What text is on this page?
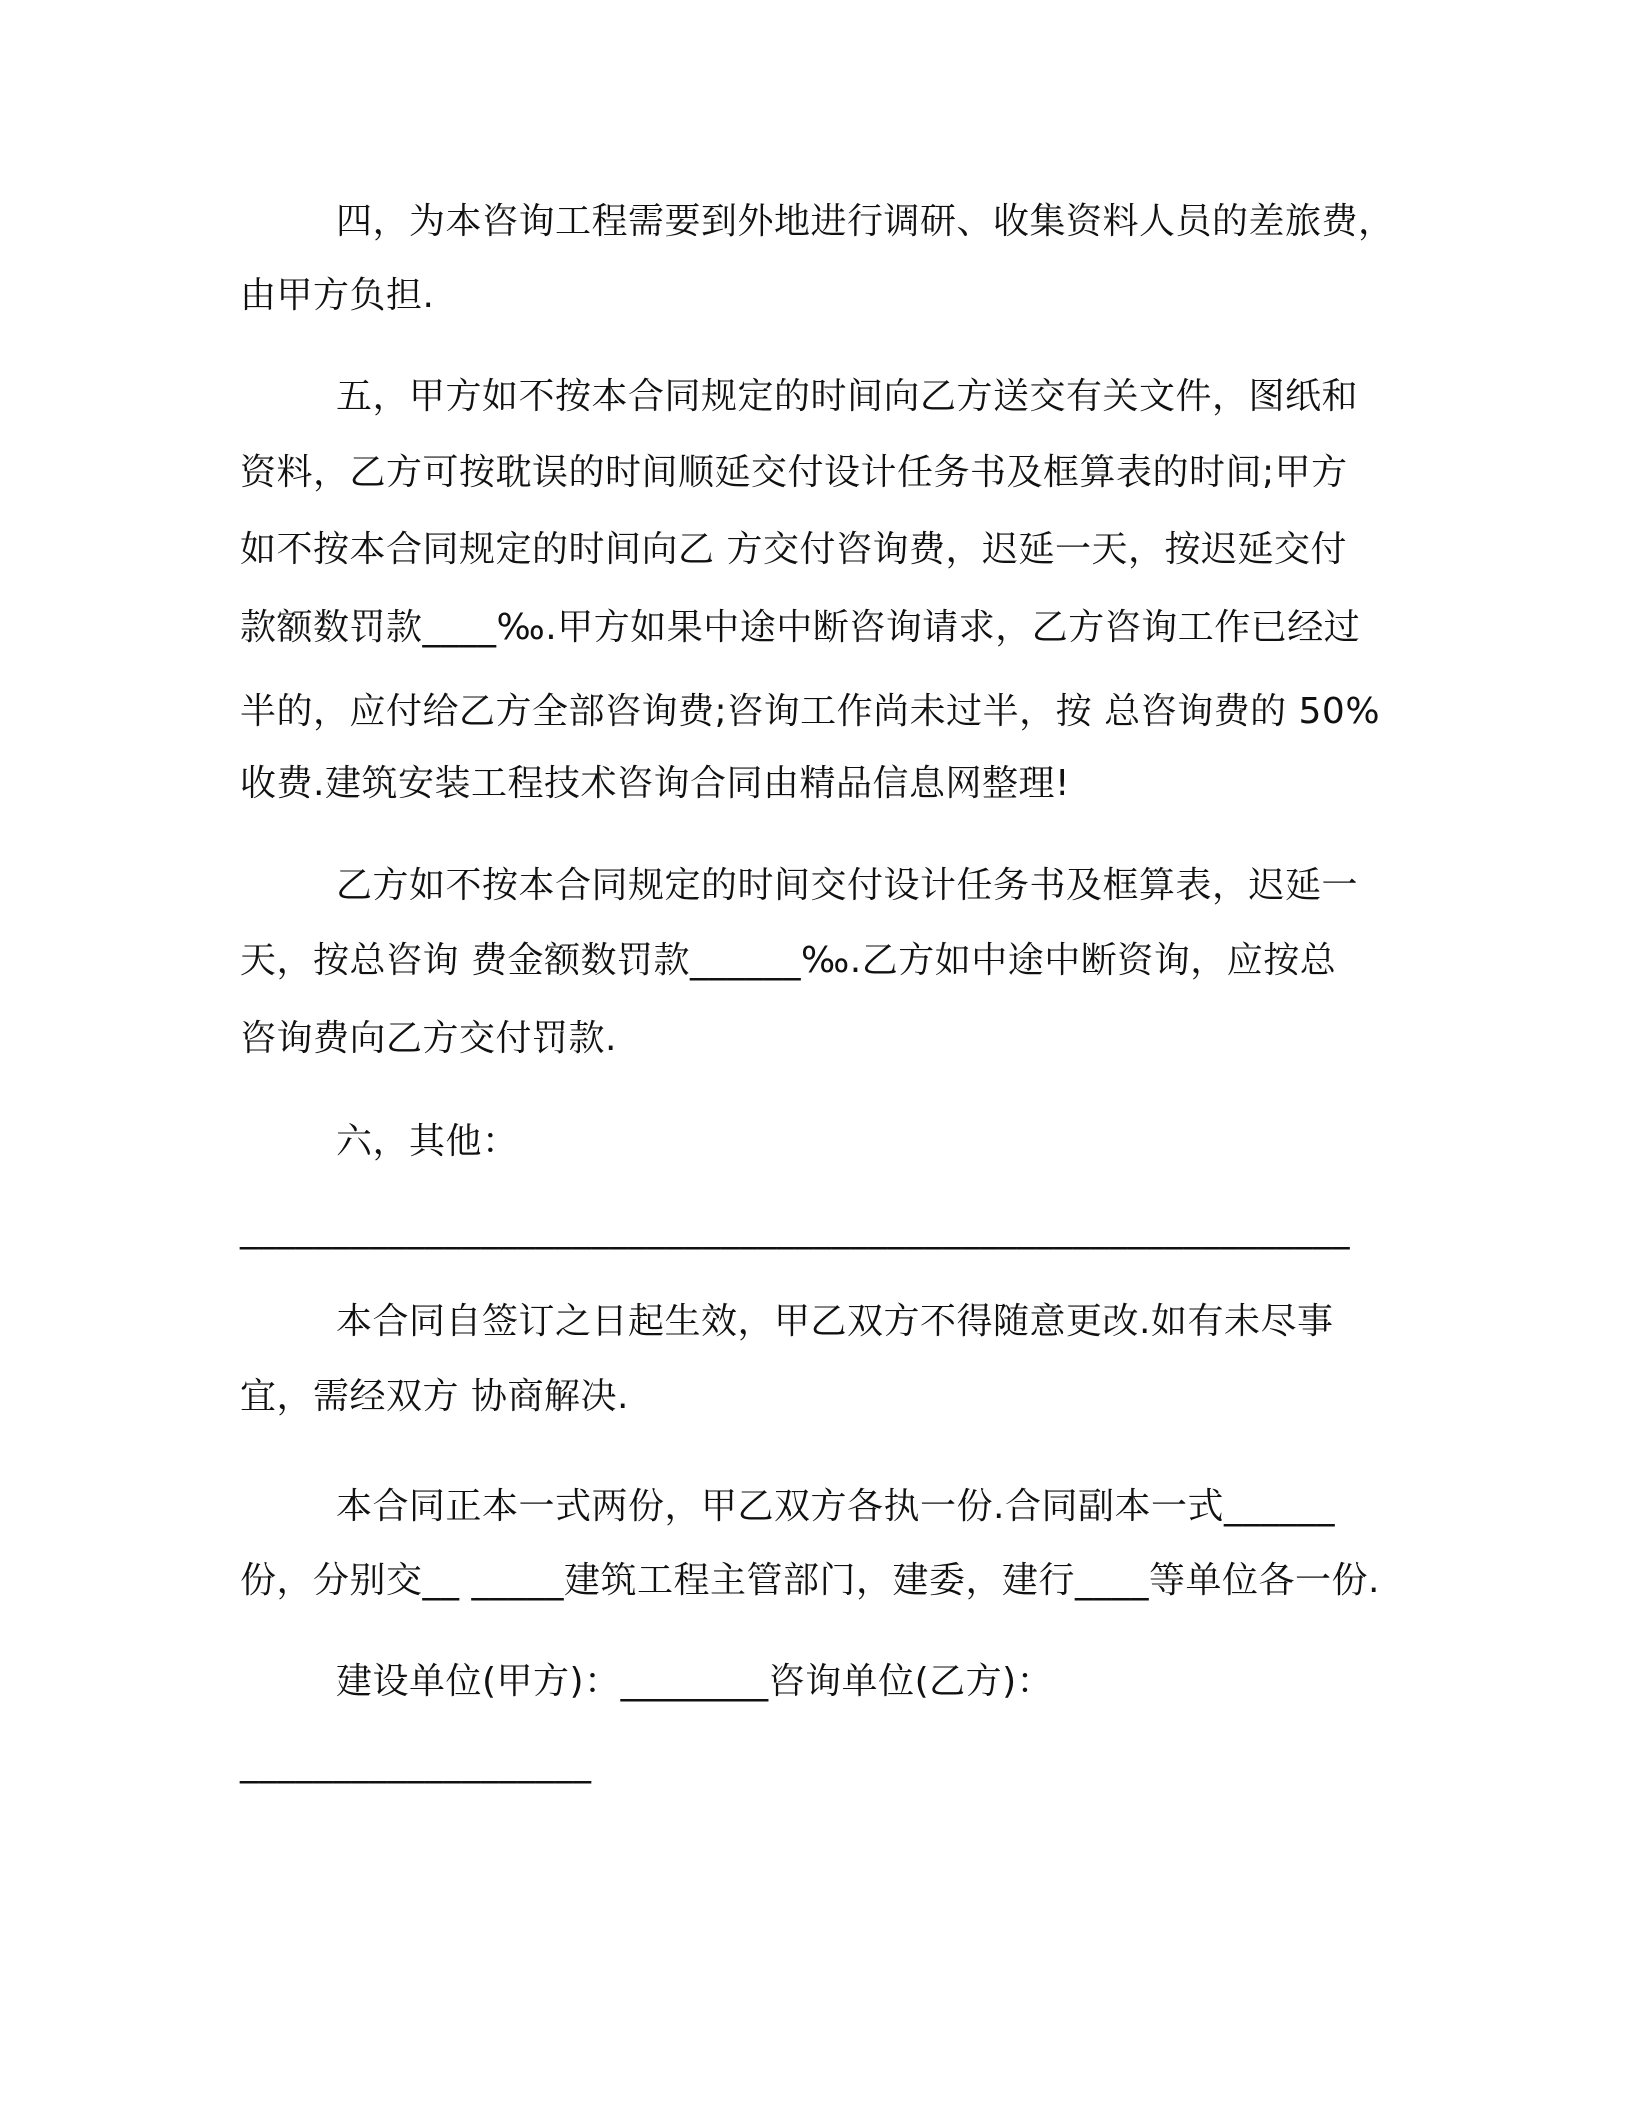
四，为本咨询工程需要到外地进行调研、收集资料人员的差旅费，
由甲方负担.
五，甲方如不按本合同规定的时间向乙方送交有关文件，图纸和
资料，乙方可按耽误的时间顺延交付设计任务书及框算表的时间;甲方
如不按本合同规定的时间向乙 方交付咨询费，迟延一天，按迟延交付
款额数罚款____‰.甲方如果中途中断咨询请求，乙方咨询工作已经过
半的，应付给乙方全部咨询费;咨询工作尚未过半，按 总咨询费的 50%
收费.建筑安装工程技术咨询合同由精品信息网整理!
乙方如不按本合同规定的时间交付设计任务书及框算表，迟延一
天，按总咨询 费金额数罚款______‰.乙方如中途中断资询，应按总
咨询费向乙方交付罚款.
六，其他：
____________________________________________________________
本合同自签订之日起生效，甲乙双方不得随意更改.如有未尽事
宜，需经双方 协商解决.
本合同正本一式两份，甲乙双方各执一份.合同副本一式______
份，分别交__ _____建筑工程主管部门，建委，建行____等单位各一份.
建设单位(甲方)：________咨询单位(乙方)：
___________________
